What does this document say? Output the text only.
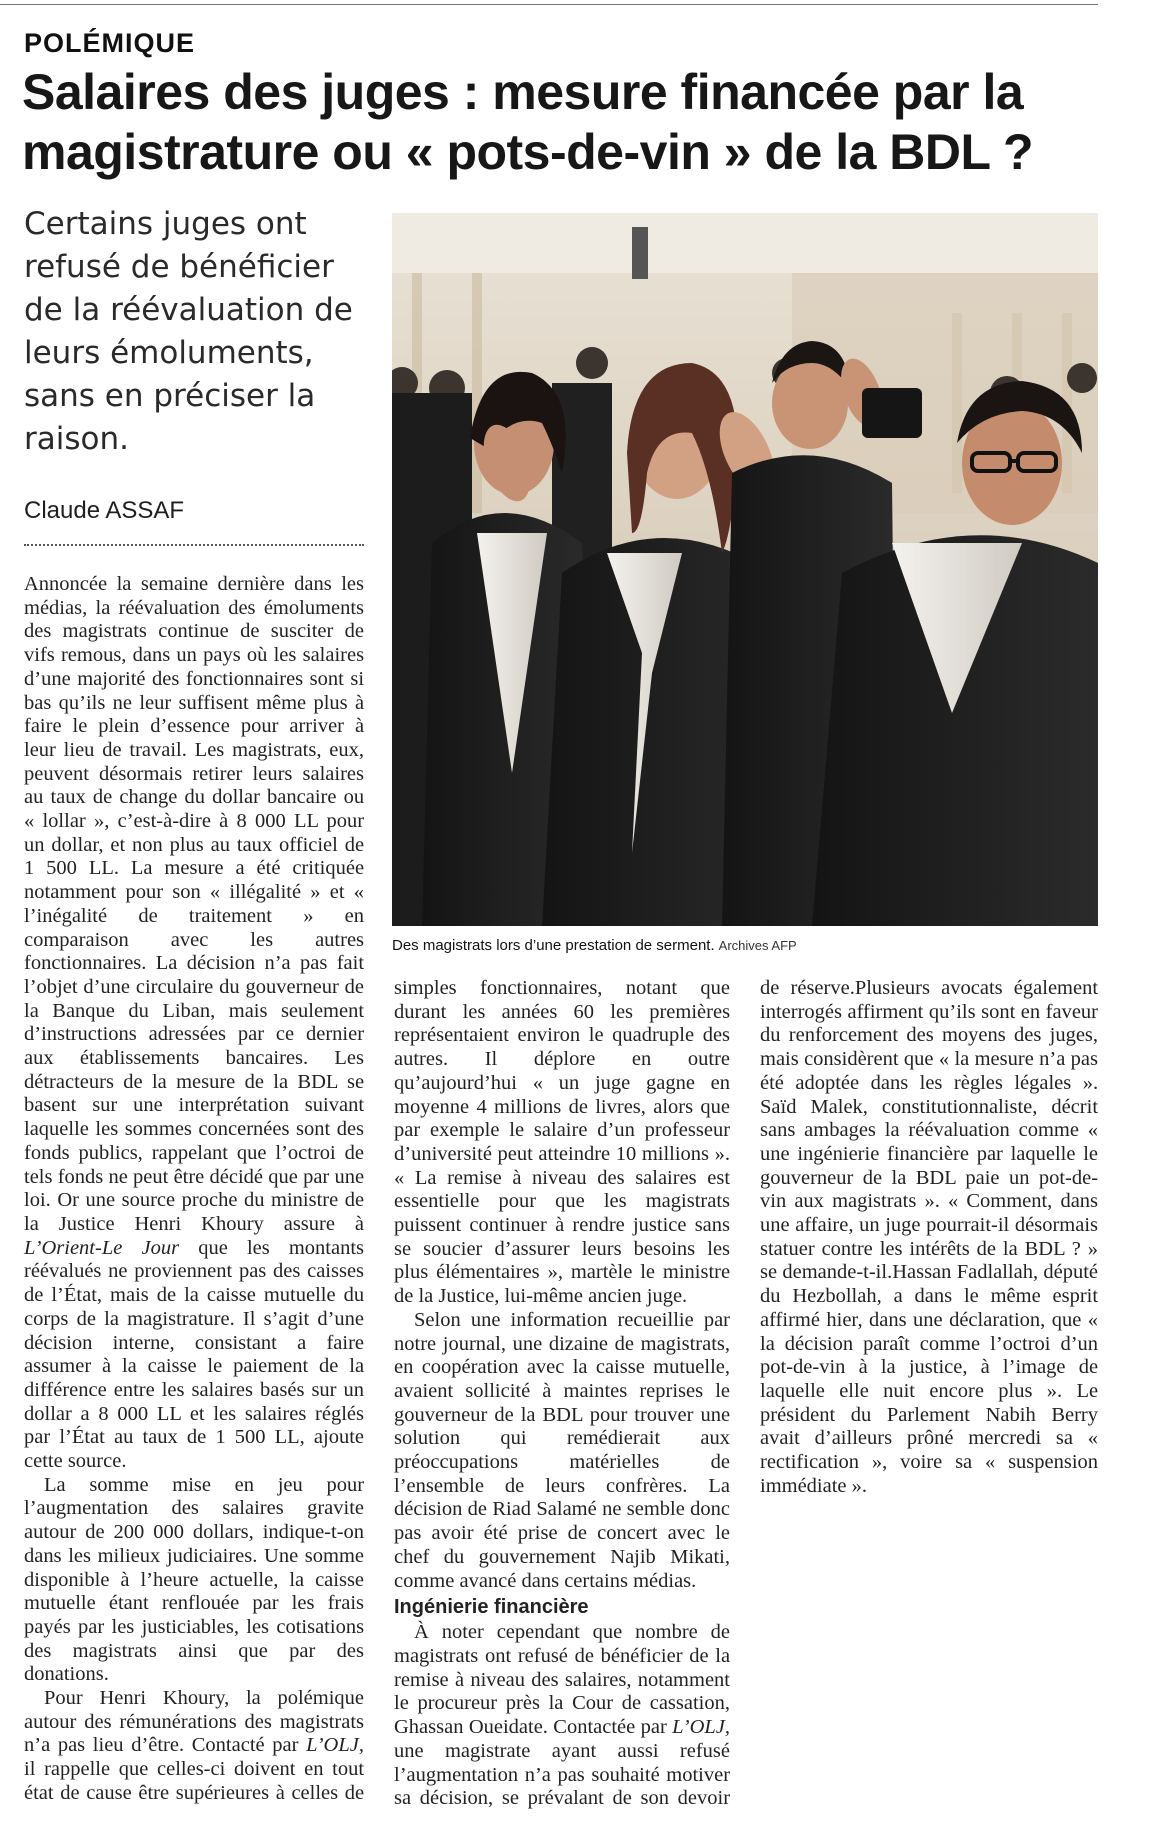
POLÉMIQUE
Salaires des juges : mesure financée par la magistrature ou « pots-de-vin » de la BDL ?
Certains juges ont refusé de bénéficier de la réévaluation de leurs émoluments, sans en préciser la raison.
Claude ASSAF

Annoncée la semaine dernière dans les médias, la réévaluation des émoluments des magistrats continue de susciter de vifs remous, dans un pays où les salaires d’une majorité des fonctionnaires sont si bas qu’ils ne leur suffisent même plus à faire le plein d’essence pour arriver à leur lieu de travail. Les magistrats, eux, peuvent désormais retirer leurs salaires au taux de change du dollar bancaire ou « lollar », c’est-à-dire à 8 000 LL pour un dollar, et non plus au taux officiel de 1 500 LL. La mesure a été critiquée notamment pour son « illégalité » et « l’inégalité de traitement » en comparaison avec les autres fonctionnaires. La décision n’a pas fait l’objet d’une circulaire du gouverneur de la Banque du Liban, mais seulement d’instructions adressées par ce dernier aux établissements bancaires. Les détracteurs de la mesure de la BDL se basent sur une interprétation suivant laquelle les sommes concernées sont des fonds publics, rappelant que l’octroi de tels fonds ne peut être décidé que par une loi. Or une source proche du ministre de la Justice Henri Khoury assure à L’Orient-Le Jour que les montants réévalués ne proviennent pas des caisses de l’État, mais de la caisse mutuelle du corps de la magistrature. Il s’agit d’une décision interne, consistant a faire assumer à la caisse le paiement de la différence entre les salaires basés sur un dollar a 8 000 LL et les salaires réglés par l’État au taux de 1 500 LL, ajoute cette source.

La somme mise en jeu pour l’augmentation des salaires gravite autour de 200 000 dollars, indique-t-on dans les milieux judiciaires. Une somme disponible à l’heure actuelle, la caisse mutuelle étant renflouée par les frais payés par les justiciables, les cotisations des magistrats ainsi que par des donations.

Pour Henri Khoury, la polémique autour des rémunérations des magistrats n’a pas lieu d’être. Contacté par L’OLJ, il rappelle que celles-ci doivent en tout état de cause être supérieures à celles de

simples fonctionnaires, notant que durant les années 60 les premières représentaient environ le quadruple des autres. Il déplore en outre qu’aujourd’hui « un juge gagne en moyenne 4 millions de livres, alors que par exemple le salaire d’un professeur d’université peut atteindre 10 millions ». « La remise à niveau des salaires est essentielle pour que les magistrats puissent continuer à rendre justice sans se soucier d’assurer leurs besoins les plus élémentaires », martèle le ministre de la Justice, lui-même ancien juge.

Selon une information recueillie par notre journal, une dizaine de magistrats, en coopération avec la caisse mutuelle, avaient sollicité à maintes reprises le gouverneur de la BDL pour trouver une solution qui remédierait aux préoccupations	matérielles	de l’ensemble de leurs confrères. La décision de Riad Salamé ne semble donc pas avoir été prise de concert avec le chef du gouvernement Najib Mikati, comme avancé dans certains médias.

Ingénierie financière

À noter cependant que nombre de magistrats ont refusé de bénéficier de la remise à niveau des salaires, notamment le procureur près la Cour de cassation, Ghassan Oueidate. Contactée par L’OLJ, une magistrate ayant aussi refusé l’augmentation n’a pas souhaité motiver sa décision, se prévalant de son devoir

de réserve.Plusieurs avocats également interrogés affirment qu’ils sont en faveur du renforcement des moyens des juges, mais considèrent que « la mesure n’a pas été adoptée dans les règles légales ». Saïd Malek, constitutionnaliste, décrit sans ambages la réévaluation comme « une ingénierie financière par laquelle le gouverneur de la BDL paie un pot-de-vin aux magistrats ». « Comment, dans une affaire, un juge pourrait-il désormais statuer contre les intérêts de la BDL ? » se demande-t-il.Hassan Fadlallah, député du Hezbollah, a dans le même esprit affirmé hier, dans une déclaration, que « la décision paraît comme l’octroi d’un pot-de-vin à la justice, à l’image de laquelle elle nuit encore plus ». Le président du Parlement Nabih Berry avait d’ailleurs prôné mercredi sa « rectification », voire sa « suspension immédiate ».

Des magistrats lors d’une prestation de serment. Archives AFP
